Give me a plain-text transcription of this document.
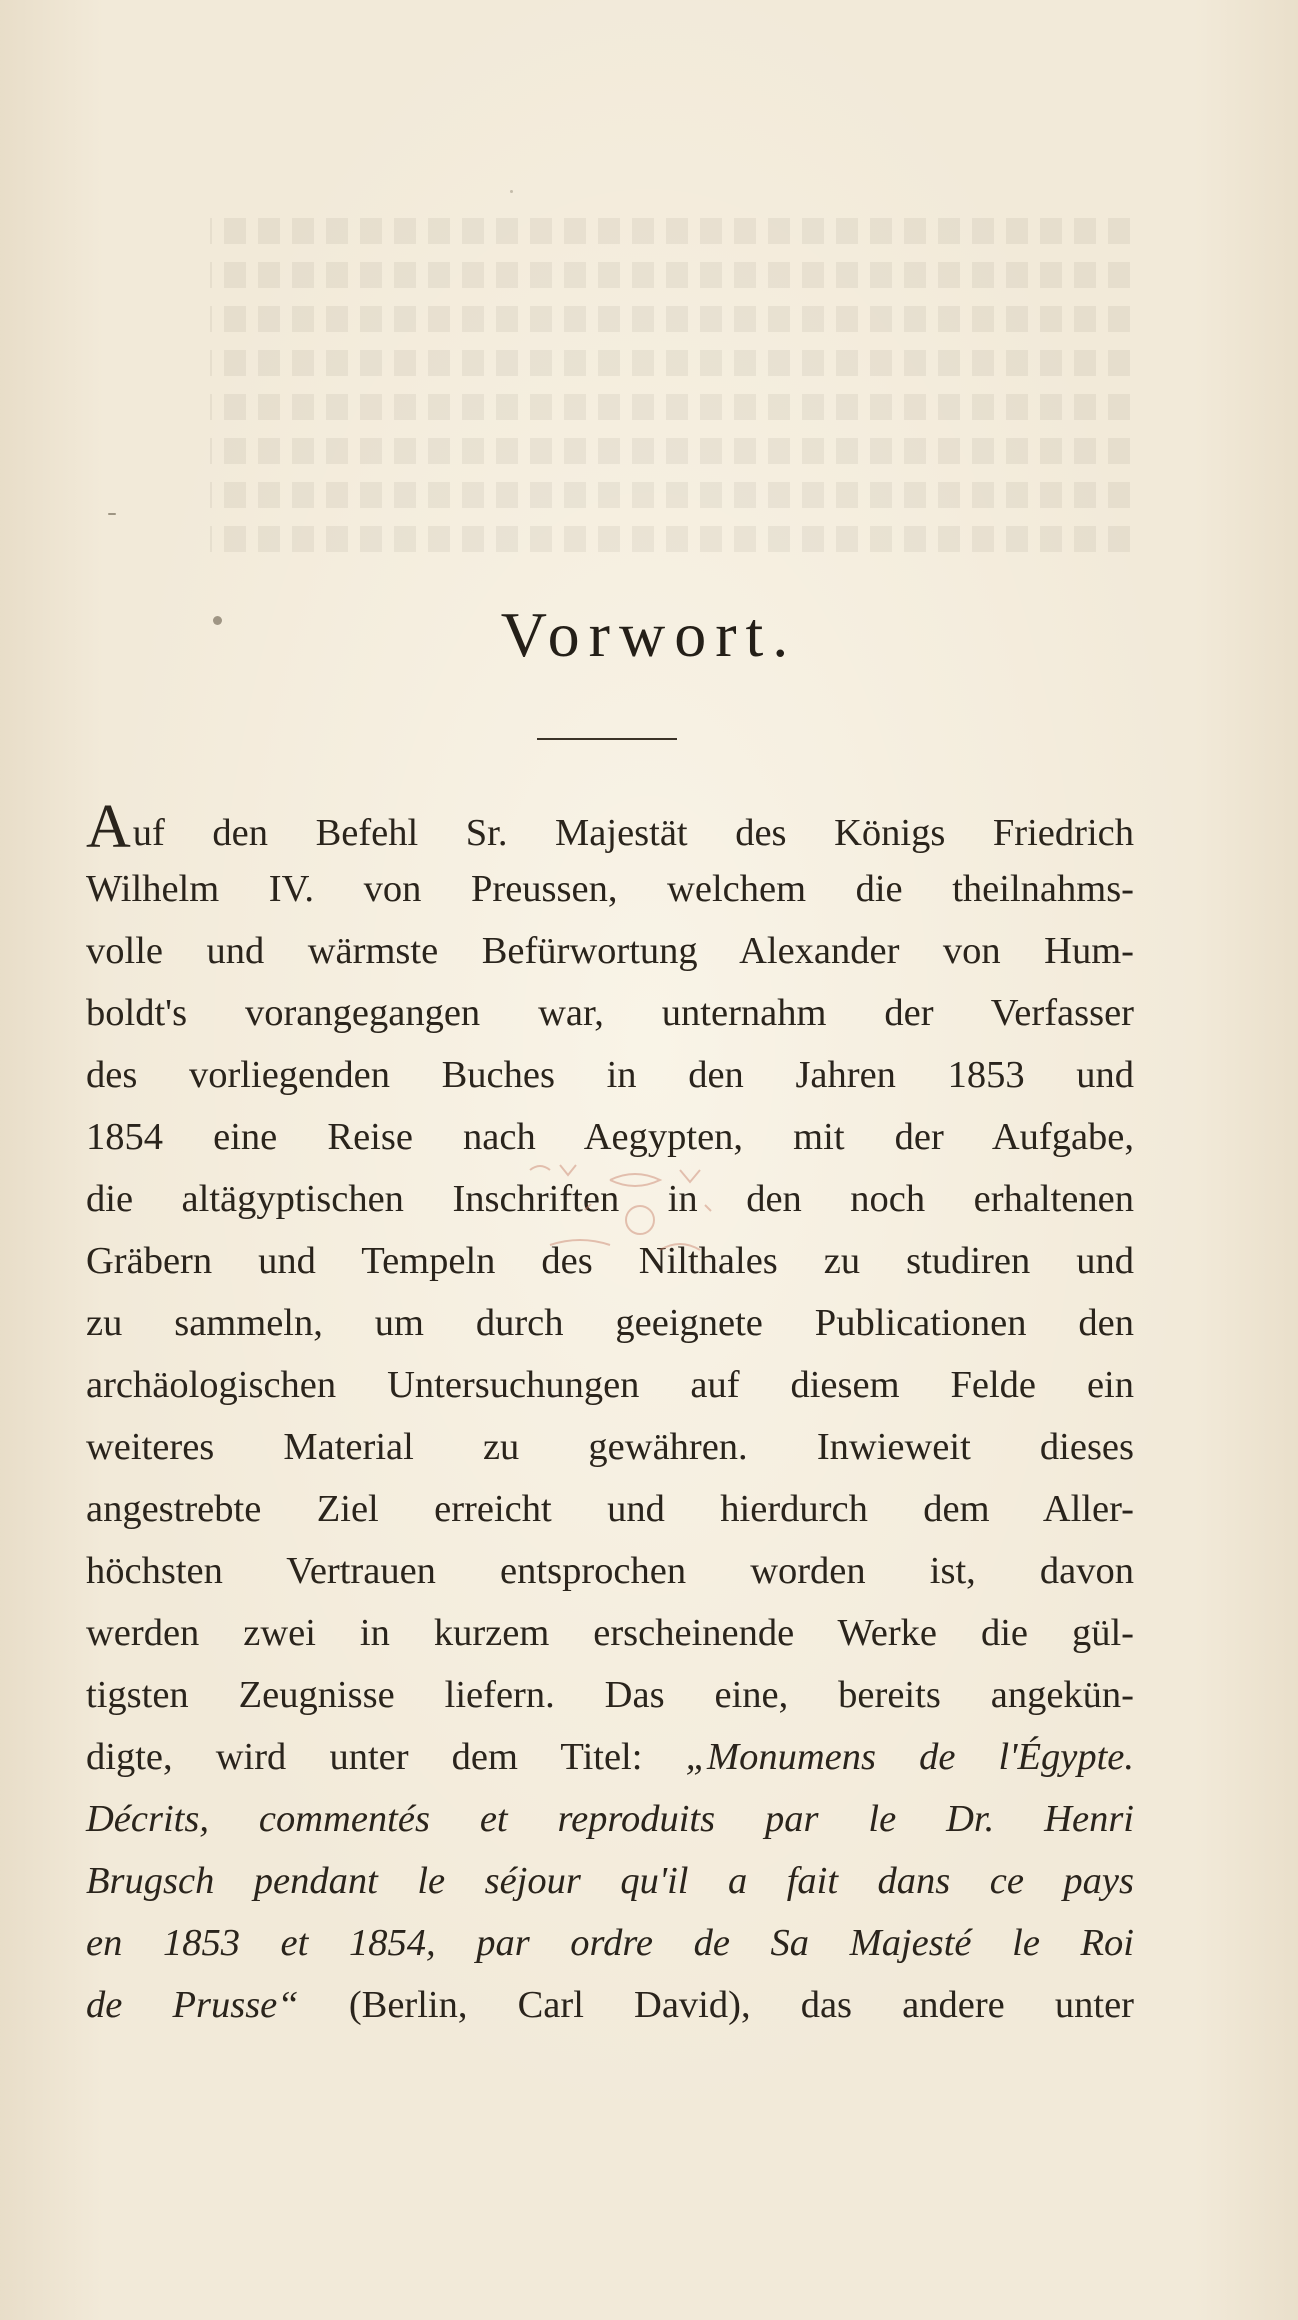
Vorwort.
Auf den Befehl Sr. Majestät des Königs Friedrich
Wilhelm IV. von Preussen, welchem die theilnahms-
volle und wärmste Befürwortung Alexander von Hum-
boldt's vorangegangen war, unternahm der Verfasser
des vorliegenden Buches in den Jahren 1853 und
1854 eine Reise nach Aegypten, mit der Aufgabe,
die altägyptischen Inschriften in den noch erhaltenen
Gräbern und Tempeln des Nilthales zu studiren und
zu sammeln, um durch geeignete Publicationen den
archäologischen Untersuchungen auf diesem Felde ein
weiteres Material zu gewähren. Inwieweit dieses
angestrebte Ziel erreicht und hierdurch dem Aller-
höchsten Vertrauen entsprochen worden ist, davon
werden zwei in kurzem erscheinende Werke die gül-
tigsten Zeugnisse liefern. Das eine, bereits angekün-
digte, wird unter dem Titel: „Monumens de l'Égypte.
Décrits, commentés et reproduits par le Dr. Henri
Brugsch pendant le séjour qu'il a fait dans ce pays
en 1853 et 1854, par ordre de Sa Majesté le Roi
de Prusse“ (Berlin, Carl David), das andere unter
